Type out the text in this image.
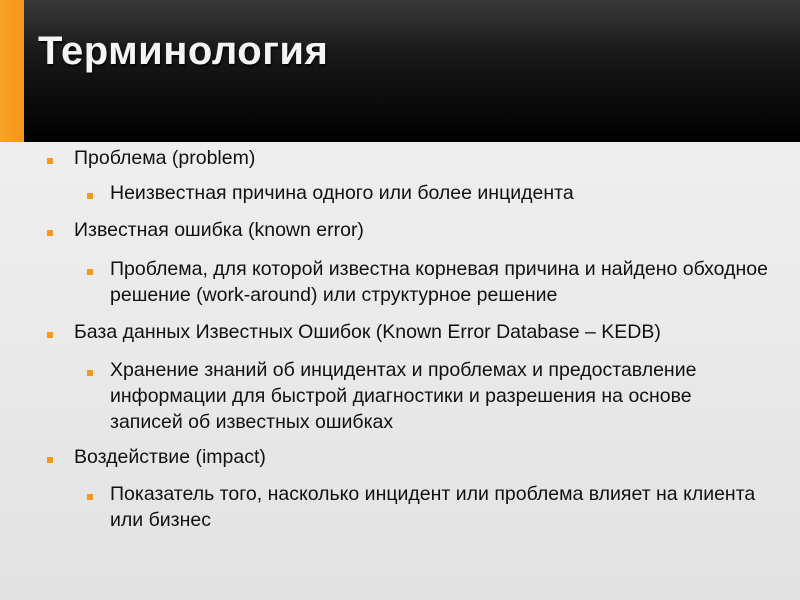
Терминология
Проблема (problem)
Неизвестная причина одного или более инцидента
Известная ошибка (known error)
Проблема, для которой известна корневая причина и найдено обходное решение (work-around) или структурное решение
База данных Известных Ошибок (Known Error Database – KEDB)
Хранение знаний об инцидентах и проблемах и предоставление информации для быстрой диагностики и разрешения на основе записей об известных ошибках
Воздействие (impact)
Показатель того, насколько инцидент или проблема влияет на клиента или бизнес
